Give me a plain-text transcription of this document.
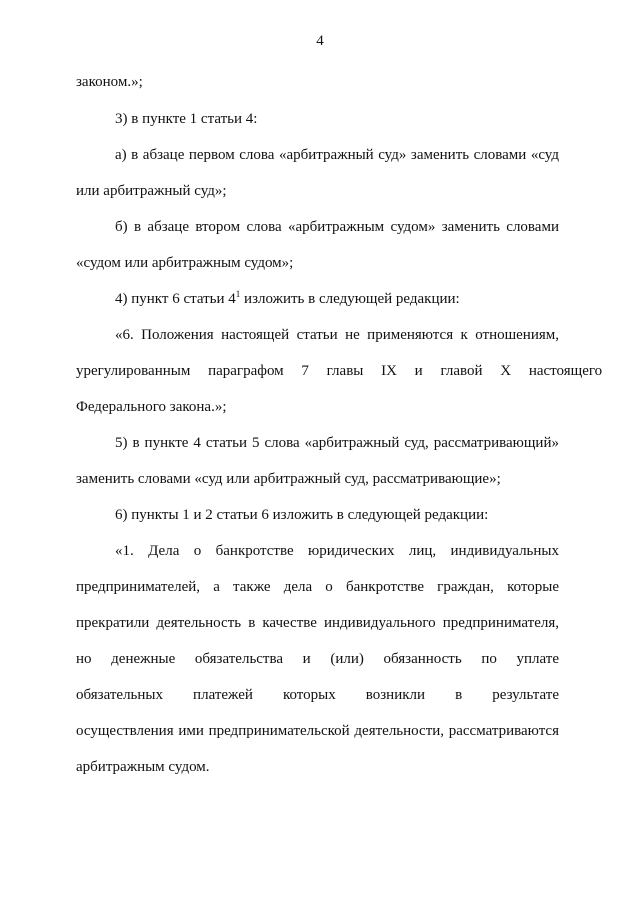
4
законом.»;
3) в пункте 1 статьи 4:
а) в абзаце первом слова «арбитражный суд» заменить словами «суд
или арбитражный суд»;
б) в абзаце втором слова «арбитражным судом» заменить словами
«судом или арбитражным судом»;
4) пункт 6 статьи $4^1$ изложить в следующей редакции:
«6. Положения настоящей статьи не применяются к отношениям,
урегулированным параграфом 7 главы IX и главой X настоящего
Федерального закона.»;
5) в пункте 4 статьи 5 слова «арбитражный суд, рассматривающий»
заменить словами «суд или арбитражный суд, рассматривающие»;
6) пункты 1 и 2 статьи 6 изложить в следующей редакции:
«1. Дела о банкротстве юридических лиц, индивидуальных
предпринимателей, а также дела о банкротстве граждан, которые
прекратили деятельность в качестве индивидуального предпринимателя,
но денежные обязательства и (или) обязанность по уплате
обязательных платежей которых возникли в результате
осуществления ими предпринимательской деятельности, рассматриваются
арбитражным судом.
